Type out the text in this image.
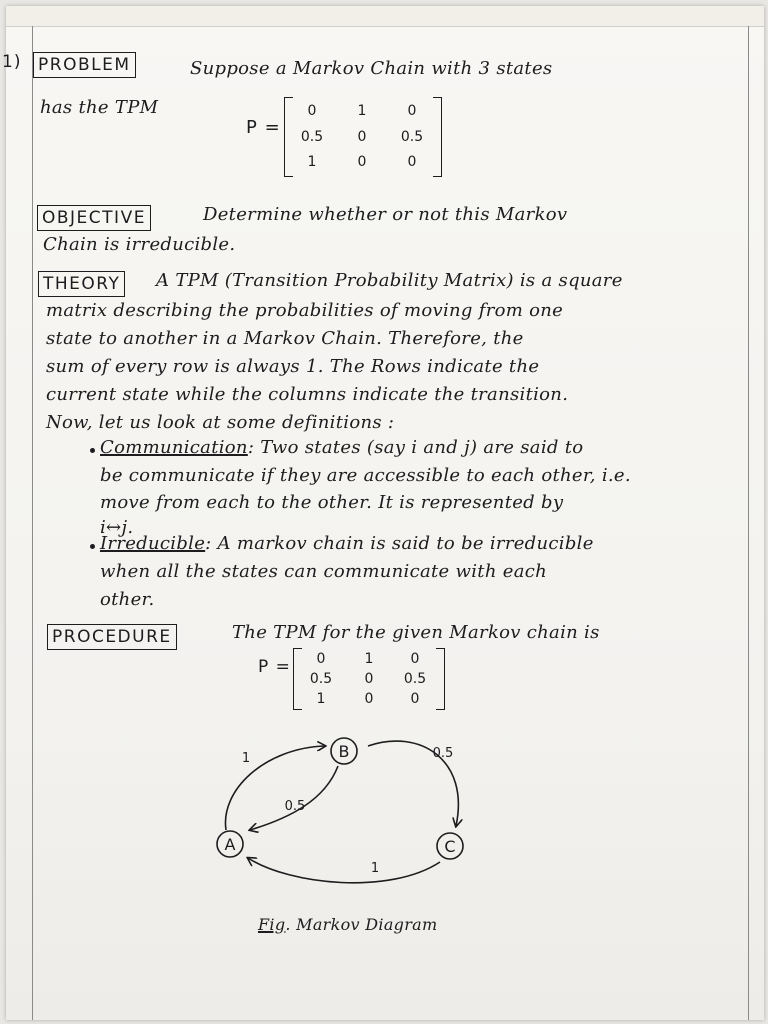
1) PROBLEM	Suppose a Markov Chain with 3 states
has the TPM
P =
0	1	0
0.5	0	0.5
1	0	0
OBJECTIVE	Determine whether or not this Markov
Chain is irreducible.
THEORY A TPM (Transition Probability Matrix) is a square
matrix describing the probabilities of moving from one
state to another in a Markov Chain. Therefore, the
sum of every row is always 1. The Rows indicate the
current state while the columns indicate the transition.
Now, let us look at some definitions :
Communication: Two states (say i and j) are said to
be communicate if they are accessible to each other, i.e.
move from each to the other. It is represented by
i↔j.
Irreducible: A markov chain is said to be irreducible
when all the states can communicate with each
other.
PROCEDURE	The TPM for the given Markov chain is
P =	0	1	0
0.5	0	0.5
1	0	0
B
A	C
1	0.5
0.5
1
Fig. Markov Diagram
